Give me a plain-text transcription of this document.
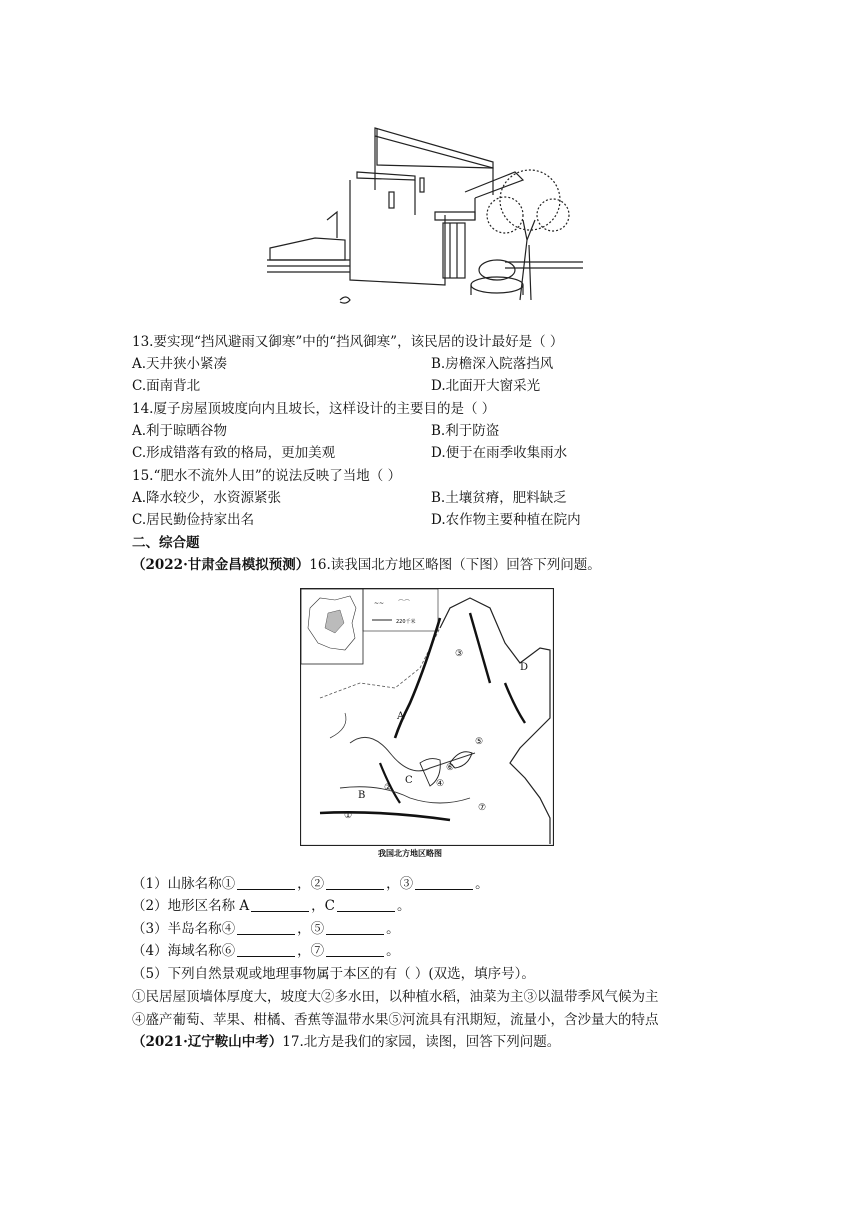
13.要实现“挡风避雨又御寒”中的“挡风御寒”，该民居的设计最好是（ ）
A.天井狭小紧凑	B.房檐深入院落挡风
C.面南背北	D.北面开大窗采光
14.厦子房屋顶坡度向内且坡长，这样设计的主要目的是（ ）
A.利于晾晒谷物	B.利于防盗
C.形成错落有致的格局，更加美观	D.便于在雨季收集雨水
15.“肥水不流外人田”的说法反映了当地（ ）
A.降水较少，水资源紧张	B.土壤贫瘠，肥料缺乏
C.居民勤俭持家出名	D.农作物主要种植在院内
二、综合题
（2022·甘肃金昌模拟预测）16.读我国北方地区略图（下图）回答下列问题。
~~ ⌒⌒
220千米
A
B
C
D
①
②
③
④
⑤
⑥
⑦
我国北方地区略图
（1）山脉名称①	，②	，③	。
（2）地形区名称 A	，C	。
（3）半岛名称④	，⑤	。
（4）海域名称⑥	，⑦	。
（5）下列自然景观或地理事物属于本区的有（ ）(双选，填序号）。
①民居屋顶墙体厚度大，坡度大②多水田，以种植水稻，油菜为主③以温带季风气候为主
④盛产葡萄、苹果、柑橘、香蕉等温带水果⑤河流具有汛期短，流量小，含沙量大的特点
（2021·辽宁鞍山中考）17.北方是我们的家园，读图，回答下列问题。
